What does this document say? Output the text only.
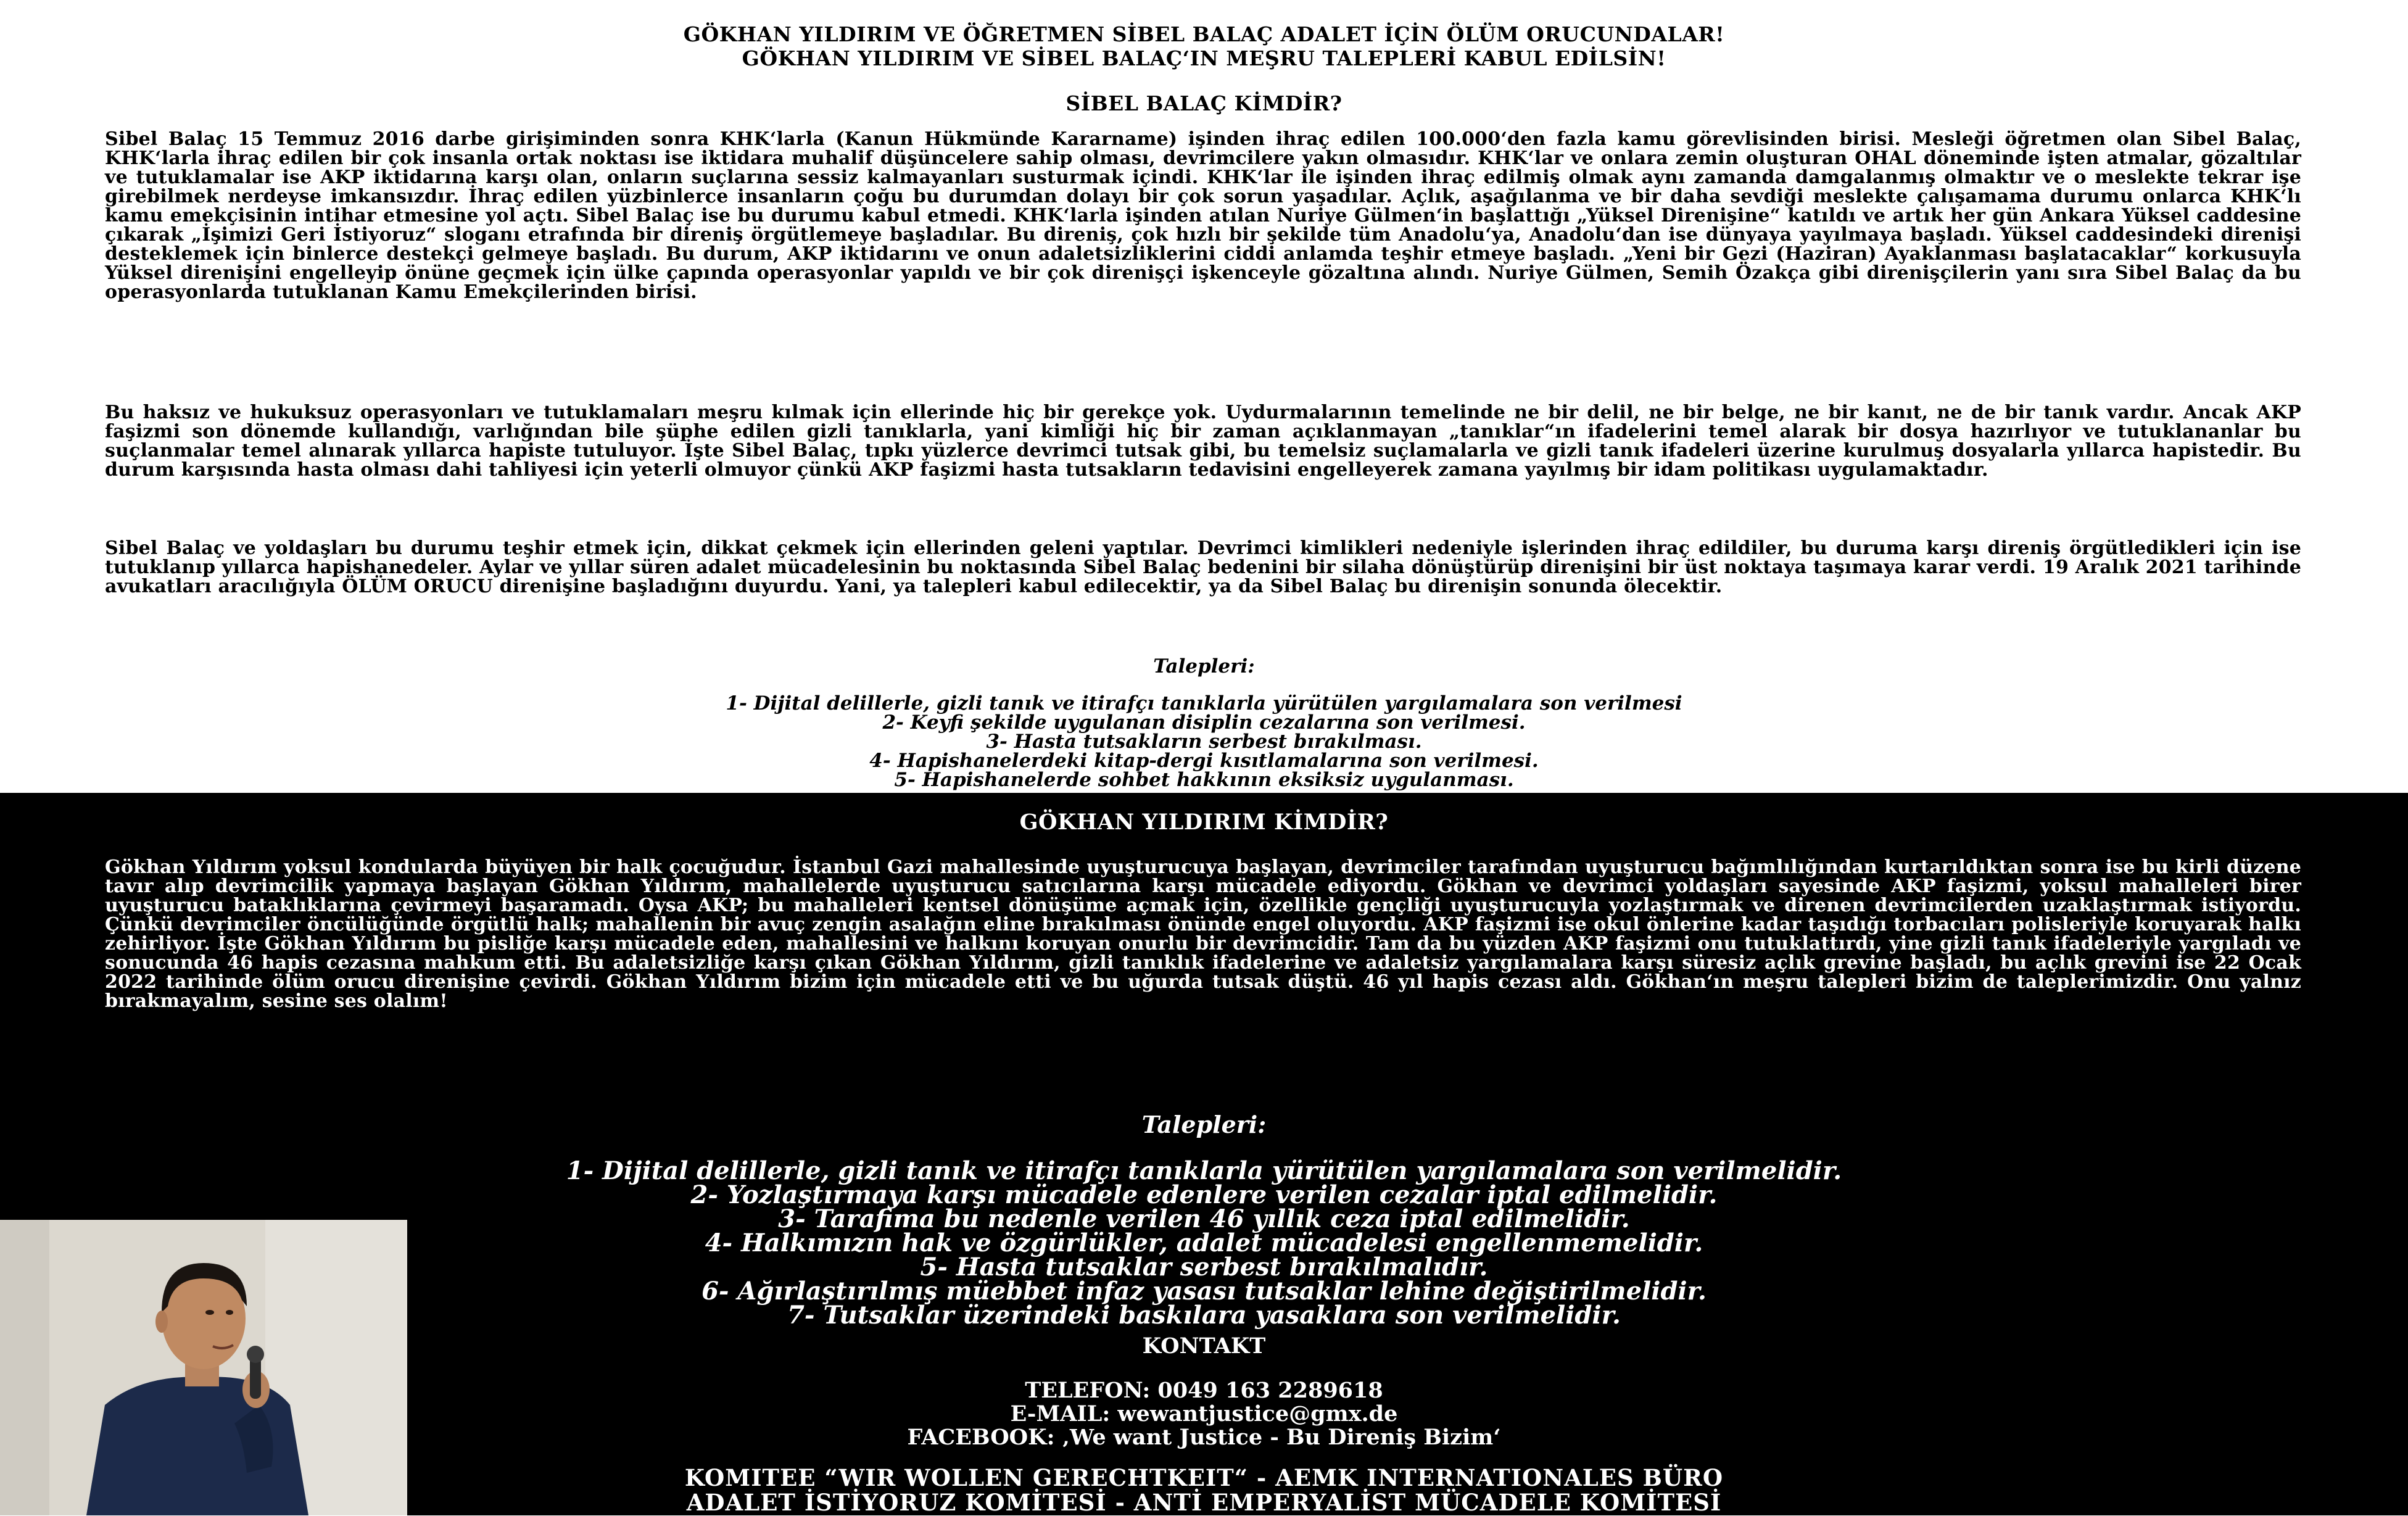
GÖKHAN YILDIRIM VE ÖĞRETMEN SİBEL BALAÇ ADALET İÇİN ÖLÜM ORUCUNDALAR!
GÖKHAN YILDIRIM VE SİBEL BALAÇ‘IN MEŞRU TALEPLERİ KABUL EDİLSİN!
SİBEL BALAÇ KİMDİR?

Sibel Balaç 15 Temmuz 2016 darbe girişiminden sonra KHK‘larla (Kanun Hükmünde Kararname) işinden ihraç edilen 100.000‘den fazla kamu görevlisinden birisi. Mesleği öğretmen olan Sibel Balaç, KHK‘larla ihraç edilen bir çok insanla ortak noktası ise iktidara muhalif düşüncelere sahip olması, devrimcilere yakın olmasıdır. KHK‘lar ve onlara zemin oluşturan OHAL döneminde işten atmalar, gözaltılar ve tutuklamalar ise AKP iktidarına karşı olan, onların suçlarına sessiz kalmayanları susturmak içindi. KHK‘lar ile işinden ihraç edilmiş olmak aynı zamanda damgalanmış olmaktır ve o meslekte tekrar işe girebilmek nerdeyse imkansızdır. İhraç edilen yüzbinlerce insanların çoğu bu durumdan dolayı bir çok sorun yaşadılar. Açlık, aşağılanma ve bir daha sevdiği meslekte çalışamama durumu onlarca KHK‘lı kamu emekçisinin intihar etmesine yol açtı. Sibel Balaç ise bu durumu kabul etmedi. KHK‘larla işinden atılan Nuriye Gülmen‘in başlattığı „Yüksel Direnişine“ katıldı ve artık her gün Ankara Yüksel caddesine çıkarak „İşimizi Geri İstiyoruz“ sloganı etrafında bir direniş örgütlemeye başladılar. Bu direniş, çok hızlı bir şekilde tüm Anadolu‘ya, Anadolu‘dan ise dünyaya yayılmaya başladı. Yüksel caddesindeki direnişi desteklemek için binlerce destekçi gelmeye başladı. Bu durum, AKP iktidarını ve onun adaletsizliklerini ciddi anlamda teşhir etmeye başladı. „Yeni bir Gezi (Haziran) Ayaklanması başlatacaklar“ korkusuyla Yüksel direnişini engelleyip önüne geçmek için ülke çapında operasyonlar yapıldı ve bir çok direnişçi işkenceyle gözaltına alındı. Nuriye Gülmen, Semih Özakça gibi direnişçilerin yanı sıra Sibel Balaç da bu operasyonlarda tutuklanan Kamu Emekçilerinden birisi.

Bu haksız ve hukuksuz operasyonları ve tutuklamaları meşru kılmak için ellerinde hiç bir gerekçe yok. Uydurmalarının temelinde ne bir delil, ne bir belge, ne bir kanıt, ne de bir tanık vardır. Ancak AKP faşizmi son dönemde kullandığı, varlığından bile şüphe edilen gizli tanıklarla, yani kimliği hiç bir zaman açıklanmayan „tanıklar“ın ifadelerini temel alarak bir dosya hazırlıyor ve tutuklananlar bu suçlanmalar temel alınarak yıllarca hapiste tutuluyor. İşte Sibel Balaç, tıpkı yüzlerce devrimci tutsak gibi, bu temelsiz suçlamalarla ve gizli tanık ifadeleri üzerine kurulmuş dosyalarla yıllarca hapistedir. Bu durum karşısında hasta olması dahi tahliyesi için yeterli olmuyor çünkü AKP faşizmi hasta tutsakların tedavisini engelleyerek zamana yayılmış bir idam politikası uygulamaktadır.

Sibel Balaç ve yoldaşları bu durumu teşhir etmek için, dikkat çekmek için ellerinden geleni yaptılar. Devrimci kimlikleri nedeniyle işlerinden ihraç edildiler, bu duruma karşı direniş örgütledikleri için ise tutuklanıp yıllarca hapishanedeler. Aylar ve yıllar süren adalet mücadelesinin bu noktasında Sibel Balaç bedenini bir silaha dönüştürüp direnişini bir üst noktaya taşımaya karar verdi. 19 Aralık 2021 tarihinde avukatları aracılığıyla ÖLÜM ORUCU direnişine başladığını duyurdu. Yani, ya talepleri kabul edilecektir, ya da Sibel Balaç bu direnişin sonunda ölecektir.

Talepleri:
1- Dijital delillerle, gizli tanık ve itirafçı tanıklarla yürütülen yargılamalara son verilmesi
2- Keyfi şekilde uygulanan disiplin cezalarına son verilmesi.
3- Hasta tutsakların serbest bırakılması.
4- Hapishanelerdeki kitap-dergi kısıtlamalarına son verilmesi.
5- Hapishanelerde sohbet hakkının eksiksiz uygulanması.
GÖKHAN YILDIRIM KİMDİR?

Gökhan Yıldırım yoksul kondularda büyüyen bir halk çocuğudur. İstanbul Gazi mahallesinde uyuşturucuya başlayan, devrimciler tarafından uyuşturucu bağımlılığından kurtarıldıktan sonra ise bu kirli düzene tavır alıp devrimcilik yapmaya başlayan Gökhan Yıldırım, mahallelerde uyuşturucu satıcılarına karşı mücadele ediyordu. Gökhan ve devrimci yoldaşları sayesinde AKP faşizmi, yoksul mahalleleri birer uyuşturucu bataklıklarına çevirmeyi başaramadı. Oysa AKP; bu mahalleleri kentsel dönüşüme açmak için, özellikle gençliği uyuşturucuyla yozlaştırmak ve direnen devrimcilerden uzaklaştırmak istiyordu. Çünkü devrimciler öncülüğünde örgütlü halk; mahallenin bir avuç zengin asalağın eline bırakılması önünde engel oluyordu. AKP faşizmi ise okul önlerine kadar taşıdığı torbacıları polisleriyle koruyarak halkı zehirliyor. İşte Gökhan Yıldırım bu pisliğe karşı mücadele eden, mahallesini ve halkını koruyan onurlu bir devrimcidir. Tam da bu yüzden AKP faşizmi onu tutuklattırdı, yine gizli tanık ifadeleriyle yargıladı ve sonucunda 46 hapis cezasına mahkum etti. Bu adaletsizliğe karşı çıkan Gökhan Yıldırım, gizli tanıklık ifadelerine ve adaletsiz yargılamalara karşı süresiz açlık grevine başladı, bu açlık grevini ise 22 Ocak 2022 tarihinde ölüm orucu direnişine çevirdi. Gökhan Yıldırım bizim için mücadele etti ve bu uğurda tutsak düştü. 46 yıl hapis cezası aldı. Gökhan‘ın meşru talepleri bizim de taleplerimizdir. Onu yalnız bırakmayalım, sesine ses olalım!

Talepleri:
1- Dijital delillerle, gizli tanık ve itirafçı tanıklarla yürütülen yargılamalara son verilmelidir.
2- Yozlaştırmaya karşı mücadele edenlere verilen cezalar iptal edilmelidir.
3- Tarafima bu nedenle verilen 46 yıllık ceza iptal edilmelidir.
4- Halkımızın hak ve özgürlükler, adalet mücadelesi engellenmemelidir.
5- Hasta tutsaklar serbest bırakılmalıdır.
6- Ağırlaştırılmış müebbet infaz yasası tutsaklar lehine değiştirilmelidir.
7- Tutsaklar üzerindeki baskılara yasaklara son verilmelidir.
KONTAKT
TELEFON: 0049 163 2289618
E-MAIL: wewantjustice@gmx.de
FACEBOOK: ‚We want Justice - Bu Direniş Bizim‘
KOMITEE “WIR WOLLEN GERECHTKEIT“ - AEMK INTERNATIONALES BÜRO
ADALET İSTİYORUZ KOMİTESİ - ANTİ EMPERYALİST MÜCADELE KOMİTESİ
